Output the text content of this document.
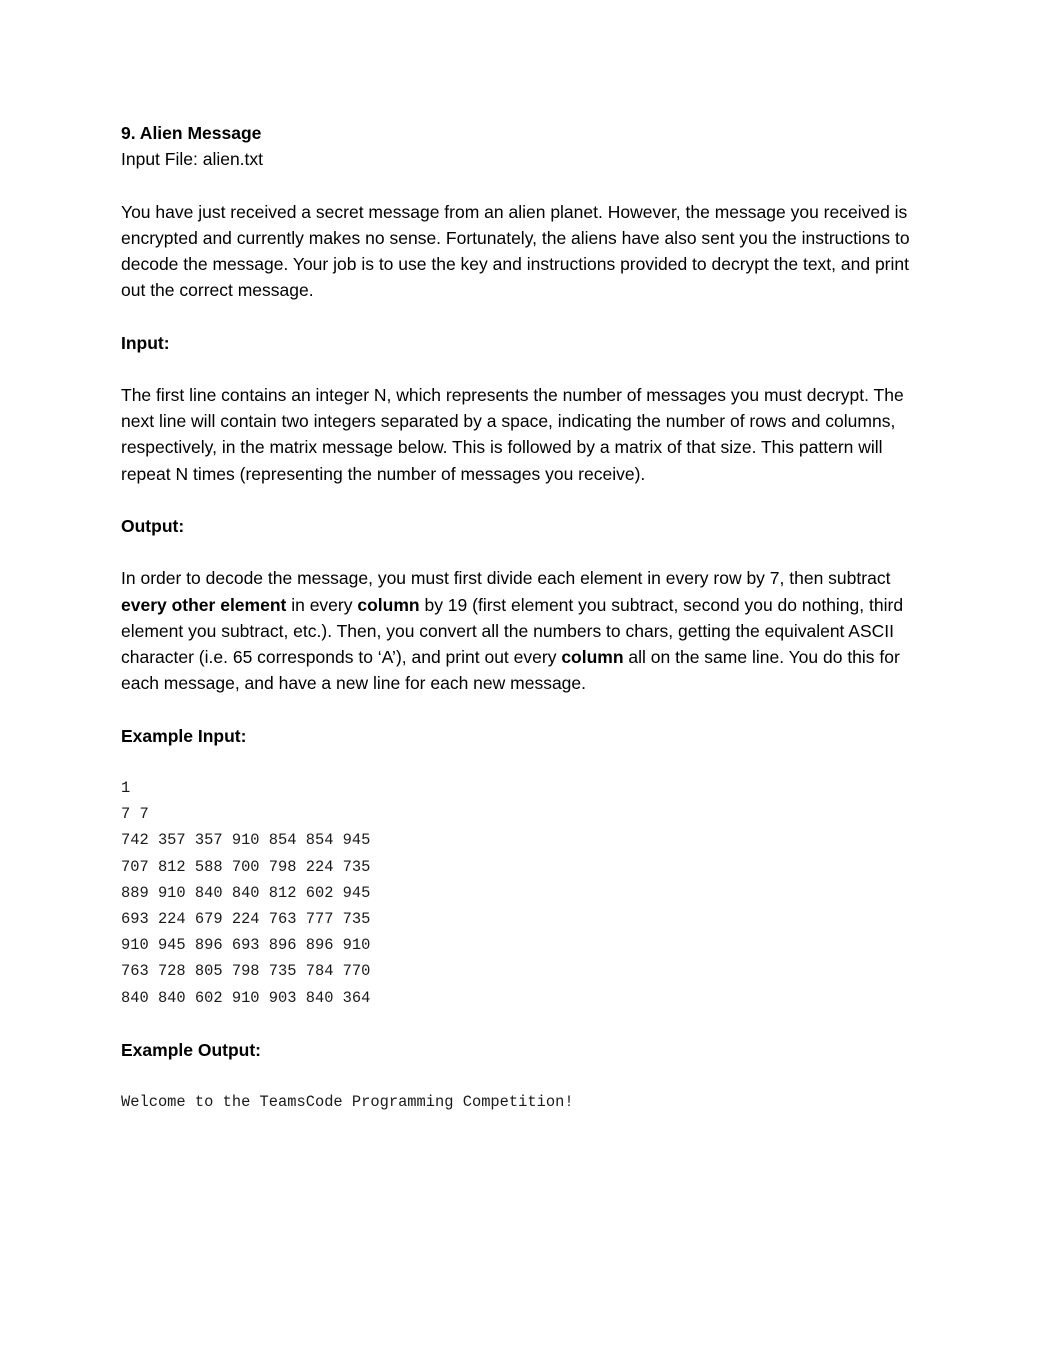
9. Alien Message
Input File: alien.txt

You have just received a secret message from an alien planet. However, the message you received is encrypted and currently makes no sense. Fortunately, the aliens have also sent you the instructions to decode the message. Your job is to use the key and instructions provided to decrypt the text, and print out the correct message.

Input:

The first line contains an integer N, which represents the number of messages you must decrypt. The next line will contain two integers separated by a space, indicating the number of rows and columns, respectively, in the matrix message below. This is followed by a matrix of that size. This pattern will repeat N times (representing the number of messages you receive).

Output:

In order to decode the message, you must first divide each element in every row by 7, then subtract every other element in every column by 19 (first element you subtract, second you do nothing, third element you subtract, etc.). Then, you convert all the numbers to chars, getting the equivalent ASCII character (i.e. 65 corresponds to ‘A’), and print out every column all on the same line. You do this for each message, and have a new line for each new message.

Example Input:

1
7 7
742 357 357 910 854 854 945
707 812 588 700 798 224 735
889 910 840 840 812 602 945
693 224 679 224 763 777 735
910 945 896 693 896 896 910
763 728 805 798 735 784 770
840 840 602 910 903 840 364

Example Output:

Welcome to the TeamsCode Programming Competition!
